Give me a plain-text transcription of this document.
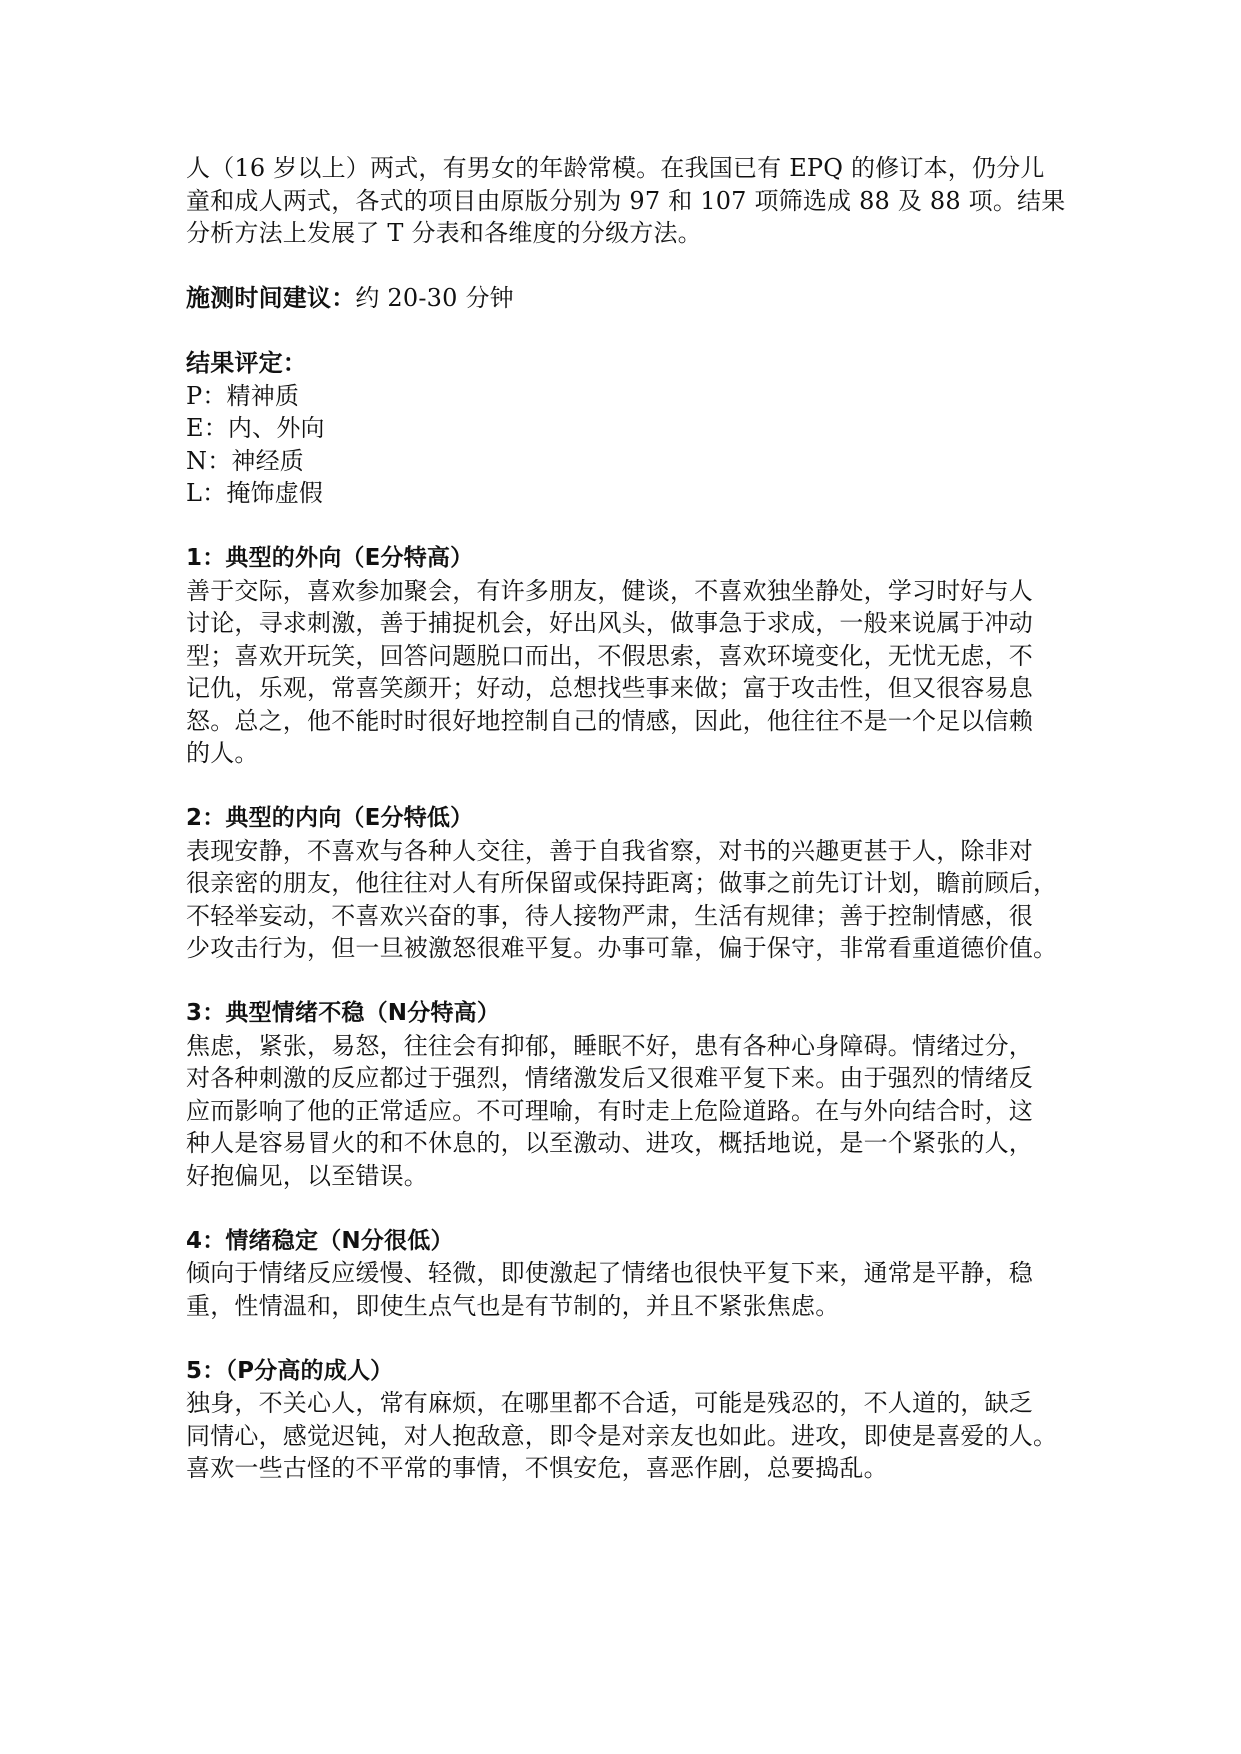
人（16 岁以上）两式，有男女的年龄常模。在我国已有 EPQ 的修订本，仍分儿
童和成人两式，各式的项目由原版分别为 97 和 107 项筛选成 88 及 88 项。结果
分析方法上发展了 T 分表和各维度的分级方法。
施测时间建议：约 20-30 分钟
结果评定：
P：精神质
E：内、外向
N：神经质
L：掩饰虚假
1：典型的外向（E分特高）
善于交际，喜欢参加聚会，有许多朋友，健谈，不喜欢独坐静处，学习时好与人
讨论，寻求刺激，善于捕捉机会，好出风头，做事急于求成，一般来说属于冲动
型；喜欢开玩笑，回答问题脱口而出，不假思索，喜欢环境变化，无忧无虑，不
记仇，乐观，常喜笑颜开；好动，总想找些事来做；富于攻击性，但又很容易息
怒。总之，他不能时时很好地控制自己的情感，因此，他往往不是一个足以信赖
的人。
2：典型的内向（E分特低）
表现安静，不喜欢与各种人交往，善于自我省察，对书的兴趣更甚于人，除非对
很亲密的朋友，他往往对人有所保留或保持距离；做事之前先订计划，瞻前顾后，
不轻举妄动，不喜欢兴奋的事，待人接物严肃，生活有规律；善于控制情感，很
少攻击行为，但一旦被激怒很难平复。办事可靠，偏于保守，非常看重道德价值。
3：典型情绪不稳（N分特高）
焦虑，紧张，易怒，往往会有抑郁，睡眠不好，患有各种心身障碍。情绪过分，
对各种刺激的反应都过于强烈，情绪激发后又很难平复下来。由于强烈的情绪反
应而影响了他的正常适应。不可理喻，有时走上危险道路。在与外向结合时，这
种人是容易冒火的和不休息的，以至激动、进攻，概括地说，是一个紧张的人，
好抱偏见，以至错误。
4：情绪稳定（N分很低）
倾向于情绪反应缓慢、轻微，即使激起了情绪也很快平复下来，通常是平静，稳
重，性情温和，即使生点气也是有节制的，并且不紧张焦虑。
5：（P分高的成人）
独身，不关心人，常有麻烦，在哪里都不合适，可能是残忍的，不人道的，缺乏
同情心，感觉迟钝，对人抱敌意，即令是对亲友也如此。进攻，即使是喜爱的人。
喜欢一些古怪的不平常的事情，不惧安危，喜恶作剧，总要捣乱。
